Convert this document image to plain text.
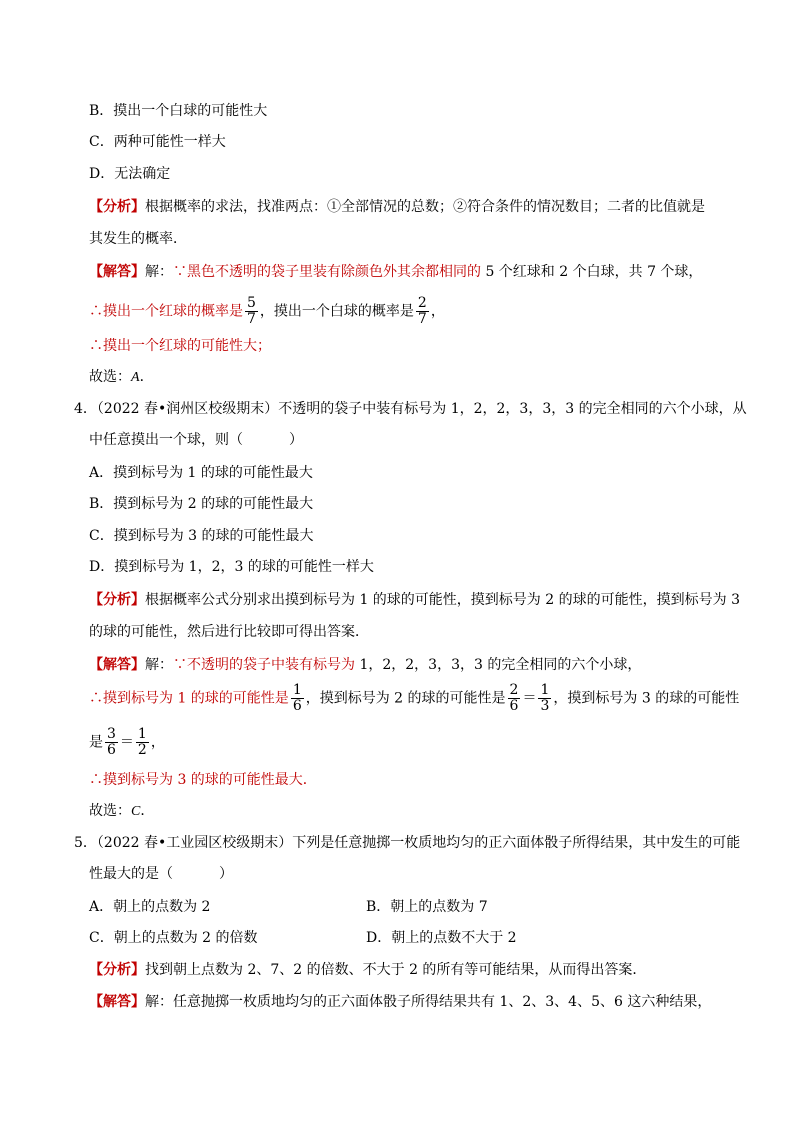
B．摸出一个白球的可能性大
C．两种可能性一样大
D．无法确定
【分析】根据概率的求法，找准两点：①全部情况的总数；②符合条件的情况数目；二者的比值就是
其发生的概率．
【解答】解：∵黑色不透明的袋子里装有除颜色外其余都相同的 5 个红球和 2 个白球，共 7 个球，
∴摸出一个红球的概率是 $\frac{5}{7}$ ，摸出一个白球的概率是 $\frac{2}{7}$ ，
∴摸出一个红球的可能性大；
故选：A．
4．（2022 春•润州区校级期末）不透明的袋子中装有标号为 1，2，2，3，3，3 的完全相同的六个小球，从
中任意摸出一个球，则（	）
A．摸到标号为 1 的球的可能性最大
B．摸到标号为 2 的球的可能性最大
C．摸到标号为 3 的球的可能性最大
D．摸到标号为 1，2，3 的球的可能性一样大
【分析】根据概率公式分别求出摸到标号为 1 的球的可能性，摸到标号为 2 的球的可能性，摸到标号为 3
的球的可能性，然后进行比较即可得出答案．
【解答】解：∵不透明的袋子中装有标号为 1，2，2，3，3，3 的完全相同的六个小球，
∴摸到标号为 1 的球的可能性是 $\frac{1}{6}$ ，摸到标号为 2 的球的可能性是 $\frac{2}{6} = \frac{1}{3}$ ，摸到标号为 3 的球的可能性
是 $\frac{3}{6} = \frac{1}{2}$ ，
∴摸到标号为 3 的球的可能性最大．
故选：C．
5．（2022 春•工业园区校级期末）下列是任意抛掷一枚质地均匀的正六面体骰子所得结果，其中发生的可能
性最大的是（	）
A．朝上的点数为 2	B．朝上的点数为 7
C．朝上的点数为 2 的倍数	D．朝上的点数不大于 2
【分析】找到朝上点数为 2、7、2 的倍数、不大于 2 的所有等可能结果，从而得出答案．
【解答】解：任意抛掷一枚质地均匀的正六面体骰子所得结果共有 1、2、3、4、5、6 这六种结果，
